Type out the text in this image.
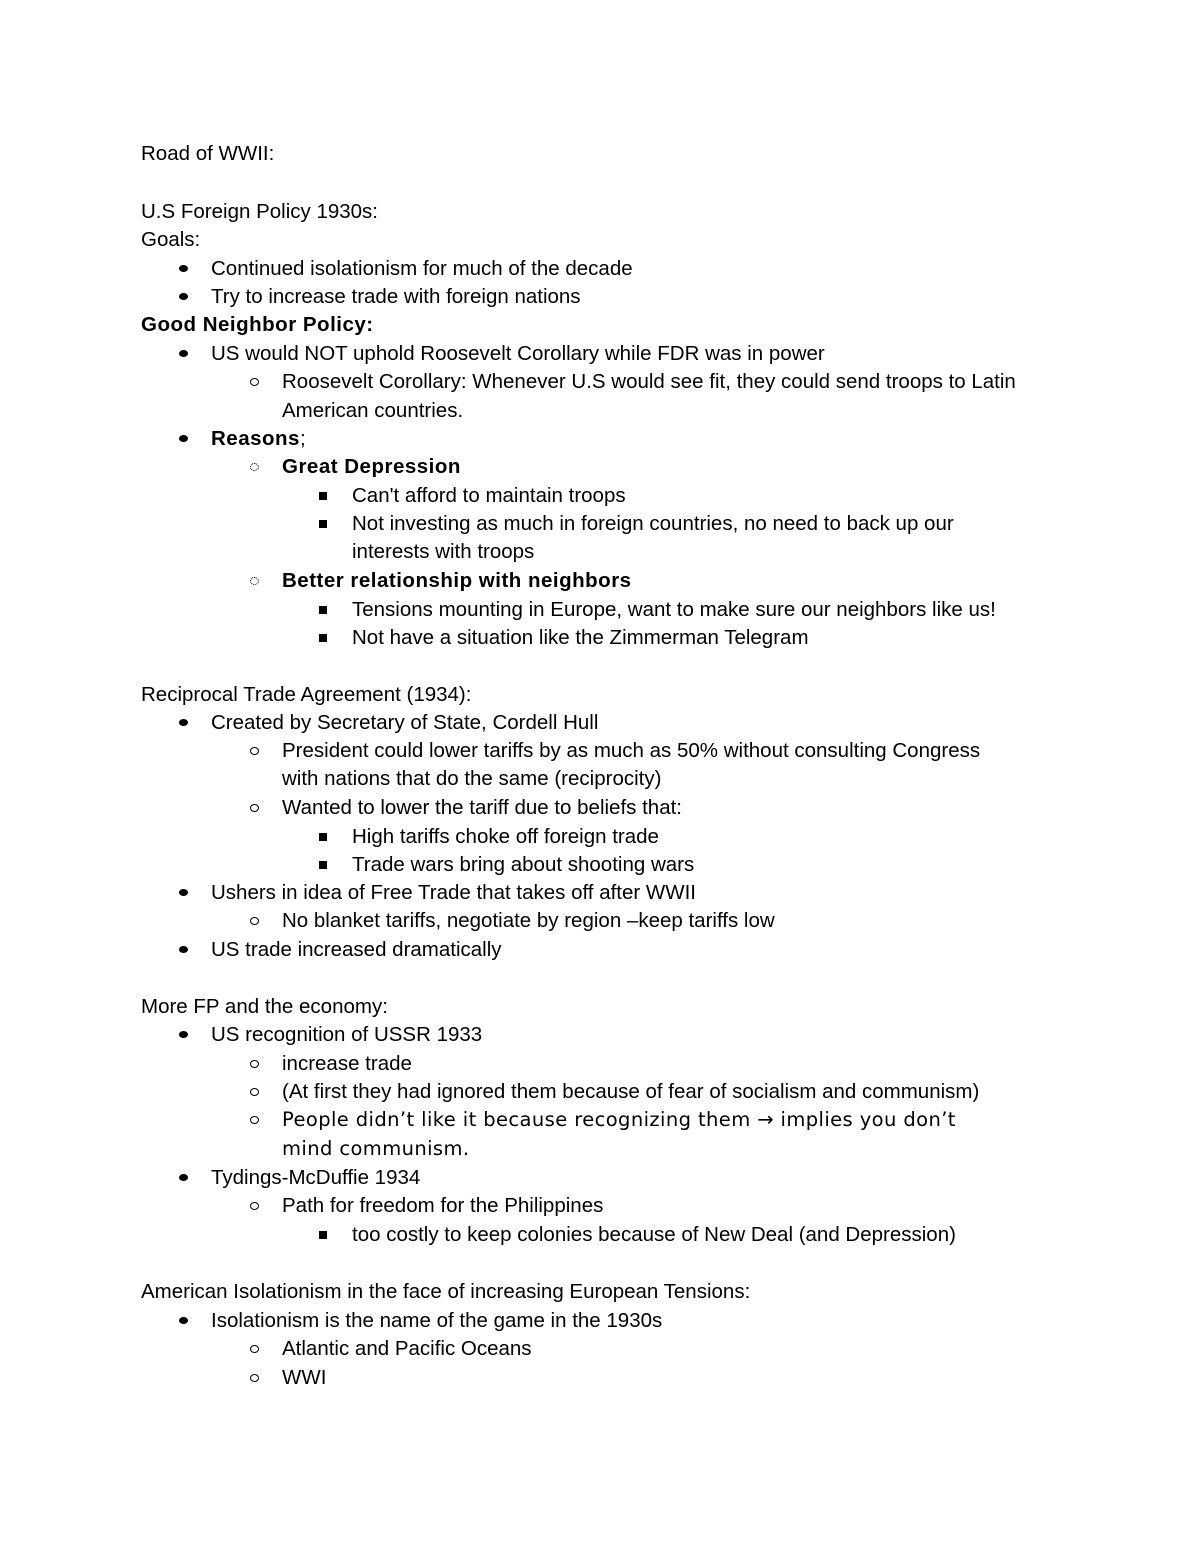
Road of WWII:
U.S Foreign Policy 1930s:
Goals:
Continued isolationism for much of the decade
Try to increase trade with foreign nations
Good Neighbor Policy:
US would NOT uphold Roosevelt Corollary while FDR was in power
Roosevelt Corollary: Whenever U.S would see fit, they could send troops to Latin
American countries.
Reasons;
Great Depression
Can't afford to maintain troops
Not investing as much in foreign countries, no need to back up our
interests with troops
Better relationship with neighbors
Tensions mounting in Europe, want to make sure our neighbors like us!
Not have a situation like the Zimmerman Telegram
Reciprocal Trade Agreement (1934):
Created by Secretary of State, Cordell Hull
President could lower tariffs by as much as 50% without consulting Congress
with nations that do the same (reciprocity)
Wanted to lower the tariff due to beliefs that:
High tariffs choke off foreign trade
Trade wars bring about shooting wars
Ushers in idea of Free Trade that takes off after WWII
No blanket tariffs, negotiate by region –keep tariffs low
US trade increased dramatically
More FP and the economy:
US recognition of USSR 1933
increase trade
(At first they had ignored them because of fear of socialism and communism)
People didn’t like it because recognizing them → implies you don’t
mind communism.
Tydings-McDuffie 1934
Path for freedom for the Philippines
too costly to keep colonies because of New Deal (and Depression)
American Isolationism in the face of increasing European Tensions:
Isolationism is the name of the game in the 1930s
Atlantic and Pacific Oceans
WWI
